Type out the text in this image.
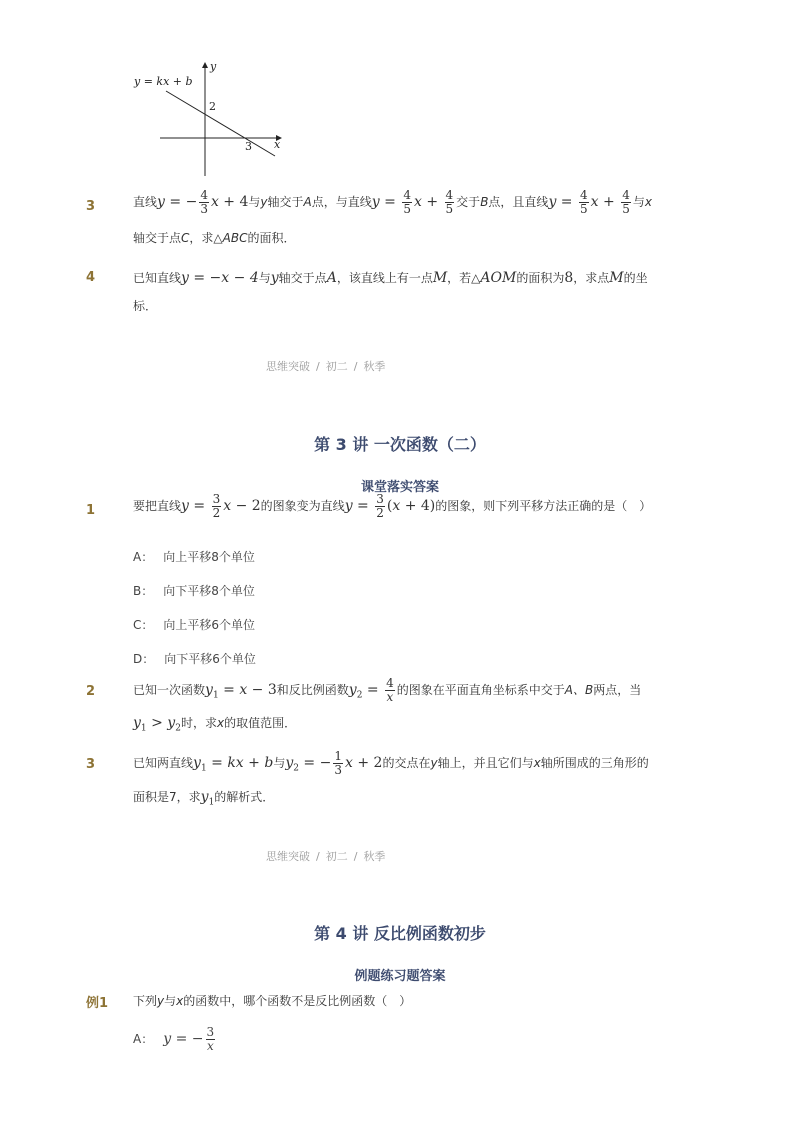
y = kx + b
y
x
2
3
3	直线y = − $\frac{4}{3}$ x + 4与y轴交于A点，与直线$y = \frac{4}{5}$ $x + \frac{4}{5}$ 交于B点，且直线$y = \frac{4}{5}$ $x + \frac{4}{5}$ 与x
轴交于点C，求△ABC的面积．
4	已知直线y = −x − 4与y轴交于点A，该直线上有一点M，若△AOM的面积为8，求点M的坐
标．
思维突破 / 初二 / 秋季
第 3 讲 一次函数（二）
课堂落实答案
1	要把直线$y = \frac{3}{2}$ x − 2的图象变为直线$y = \frac{3}{2} (x + 4)$的图象，则下列平移方法正确的是（　）
A： 向上平移8个单位
B： 向下平移8个单位
C： 向上平移6个单位
D： 向下平移6个单位
2	已知一次函数$y_1 = x - 3$和反比例函数$y_2 = \frac{4}{x}$ 的图象在平面直角坐标系中交于A、B两点，当
$y_1 > y_2$时，求x的取值范围．
3	已知两直线$y_1$ = kx + b与$y_2$ = − $\frac{1}{3}$ x + 2的交点在y轴上，并且它们与x轴所围成的三角形的
面积是7，求$y_1$的解析式．
思维突破 / 初二 / 秋季
第 4 讲 反比例函数初步
例题练习题答案
例1 下列y与x的函数中，哪个函数不是反比例函数（　）
A： y = − $\frac{3}{x}$
